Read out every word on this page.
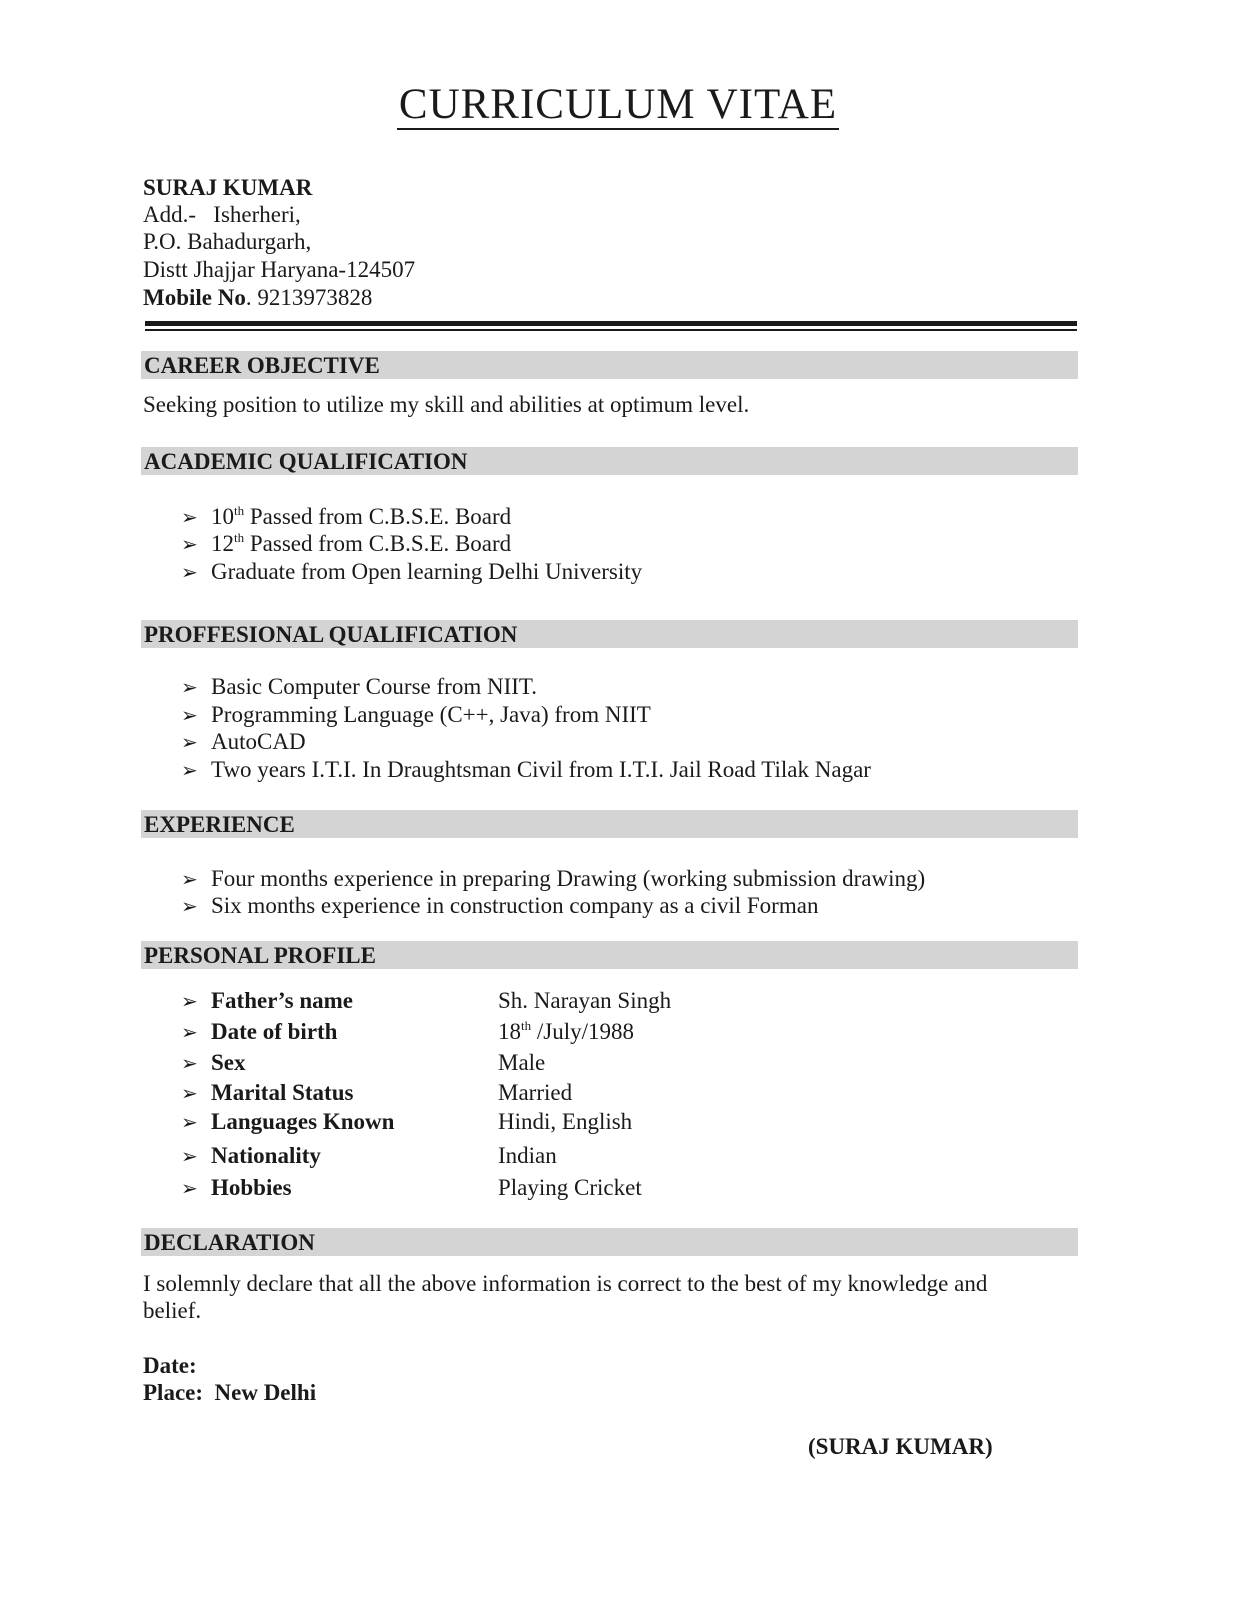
CURRICULUM VITAE
SURAJ KUMAR
Add.- Isherheri,
P.O. Bahadurgarh,
Distt Jhajjar Haryana-124507
Mobile No. 9213973828
CAREER OBJECTIVE
Seeking position to utilize my skill and abilities at optimum level.
ACADEMIC QUALIFICATION
➢ 10th Passed from C.B.S.E. Board
➢ 12th Passed from C.B.S.E. Board
➢ Graduate from Open learning Delhi University
PROFFESIONAL QUALIFICATION
➢ Basic Computer Course from NIIT.
➢ Programming Language (C++, Java) from NIIT
➢ AutoCAD
➢ Two years I.T.I. In Draughtsman Civil from I.T.I. Jail Road Tilak Nagar
EXPERIENCE
➢ Four months experience in preparing Drawing (working submission drawing)
➢ Six months experience in construction company as a civil Forman
PERSONAL PROFILE
➢ Father’s name	Sh. Narayan Singh
➢ Date of birth	18th /July/1988
➢ Sex	Male
➢ Marital Status	Married
➢ Languages Known	Hindi, English
➢ Nationality	Indian
➢ Hobbies	Playing Cricket
DECLARATION
I solemnly declare that all the above information is correct to the best of my knowledge and
belief.
Date:
Place: New Delhi
(SURAJ KUMAR)
